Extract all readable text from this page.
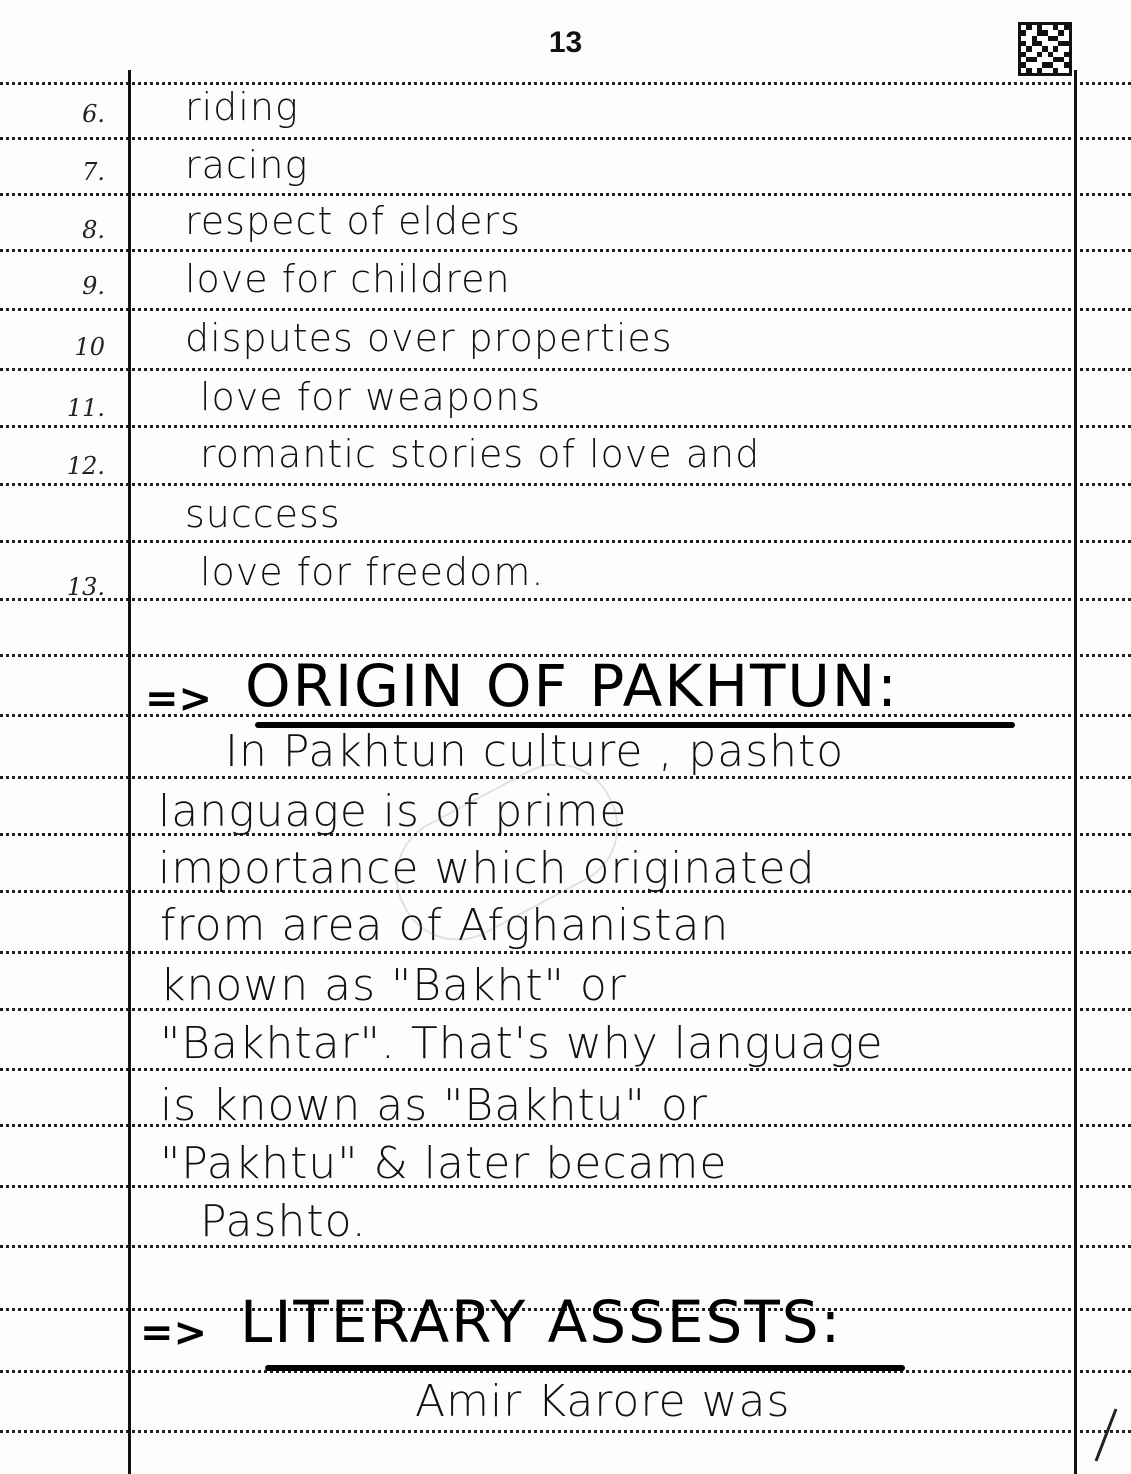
13
6. riding
7. racing
8. respect of elders
9. love for children
10 disputes over properties
11.	love for weapons
12.	romantic stories of love and
success
13.	love for freedom.
=> ORIGIN OF PAKHTUN:
In Pakhtun culture , pashto
language is of prime
importance which originated
from area of Afghanistan
known as "Bakht" or
"Bakhtar". That's why language
is known as "Bakhtu" or
"Pakhtu" & later became
Pashto.
=> LITERARY ASSESTS:
Amir Karore was
